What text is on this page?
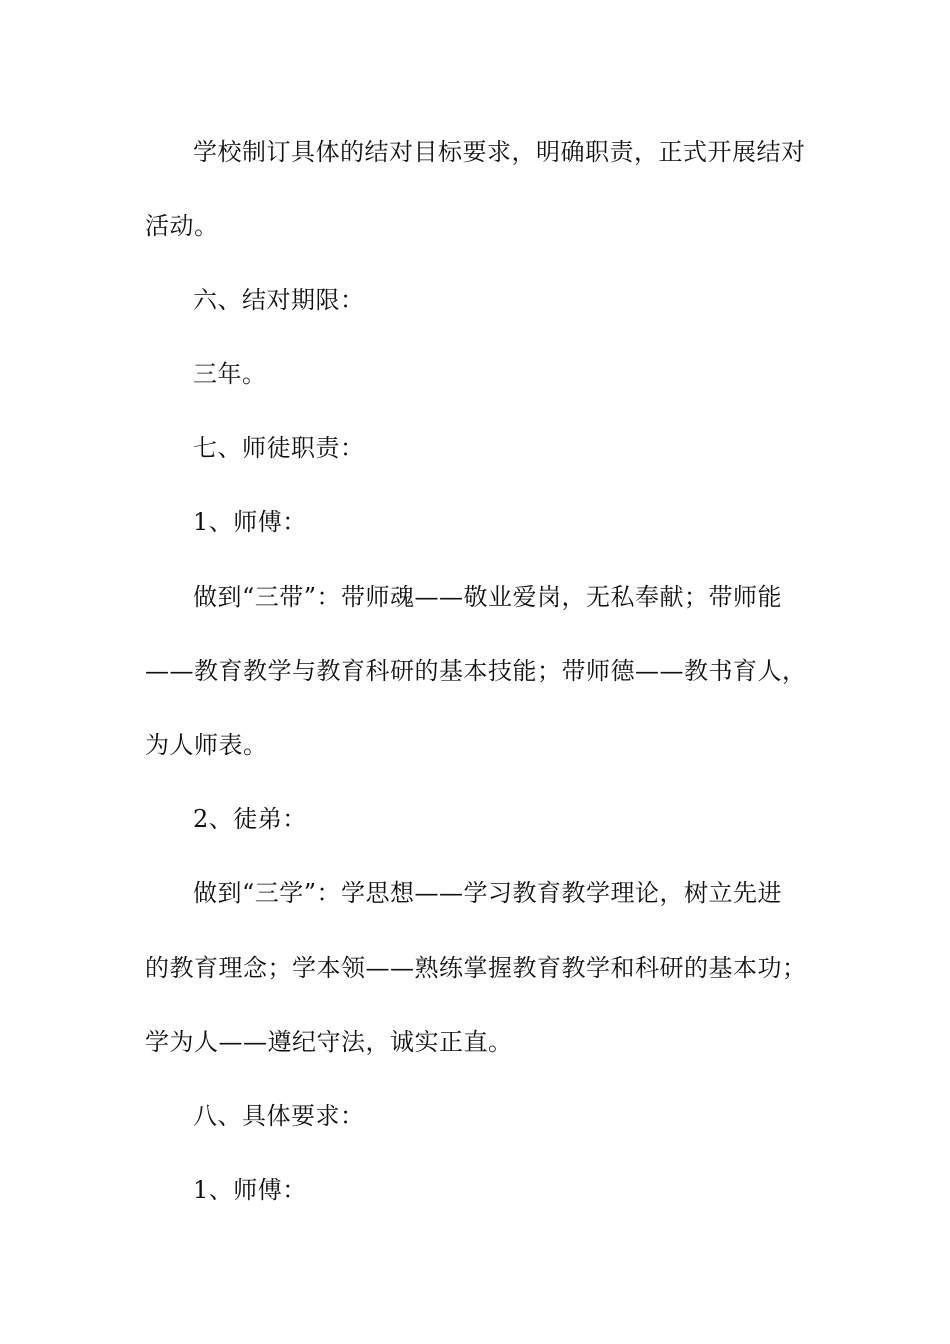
学校制订具体的结对目标要求，明确职责，正式开展结对
活动。
六、结对期限：
三年。
七、师徒职责：
1、师傅：
做到“三带”：带师魂——敬业爱岗，无私奉献；带师能
——教育教学与教育科研的基本技能；带师德——教书育人，
为人师表。
2、徒弟：
做到“三学”：学思想——学习教育教学理论，树立先进
的教育理念；学本领——熟练掌握教育教学和科研的基本功；
学为人——遵纪守法，诚实正直。
八、具体要求：
1、师傅：
